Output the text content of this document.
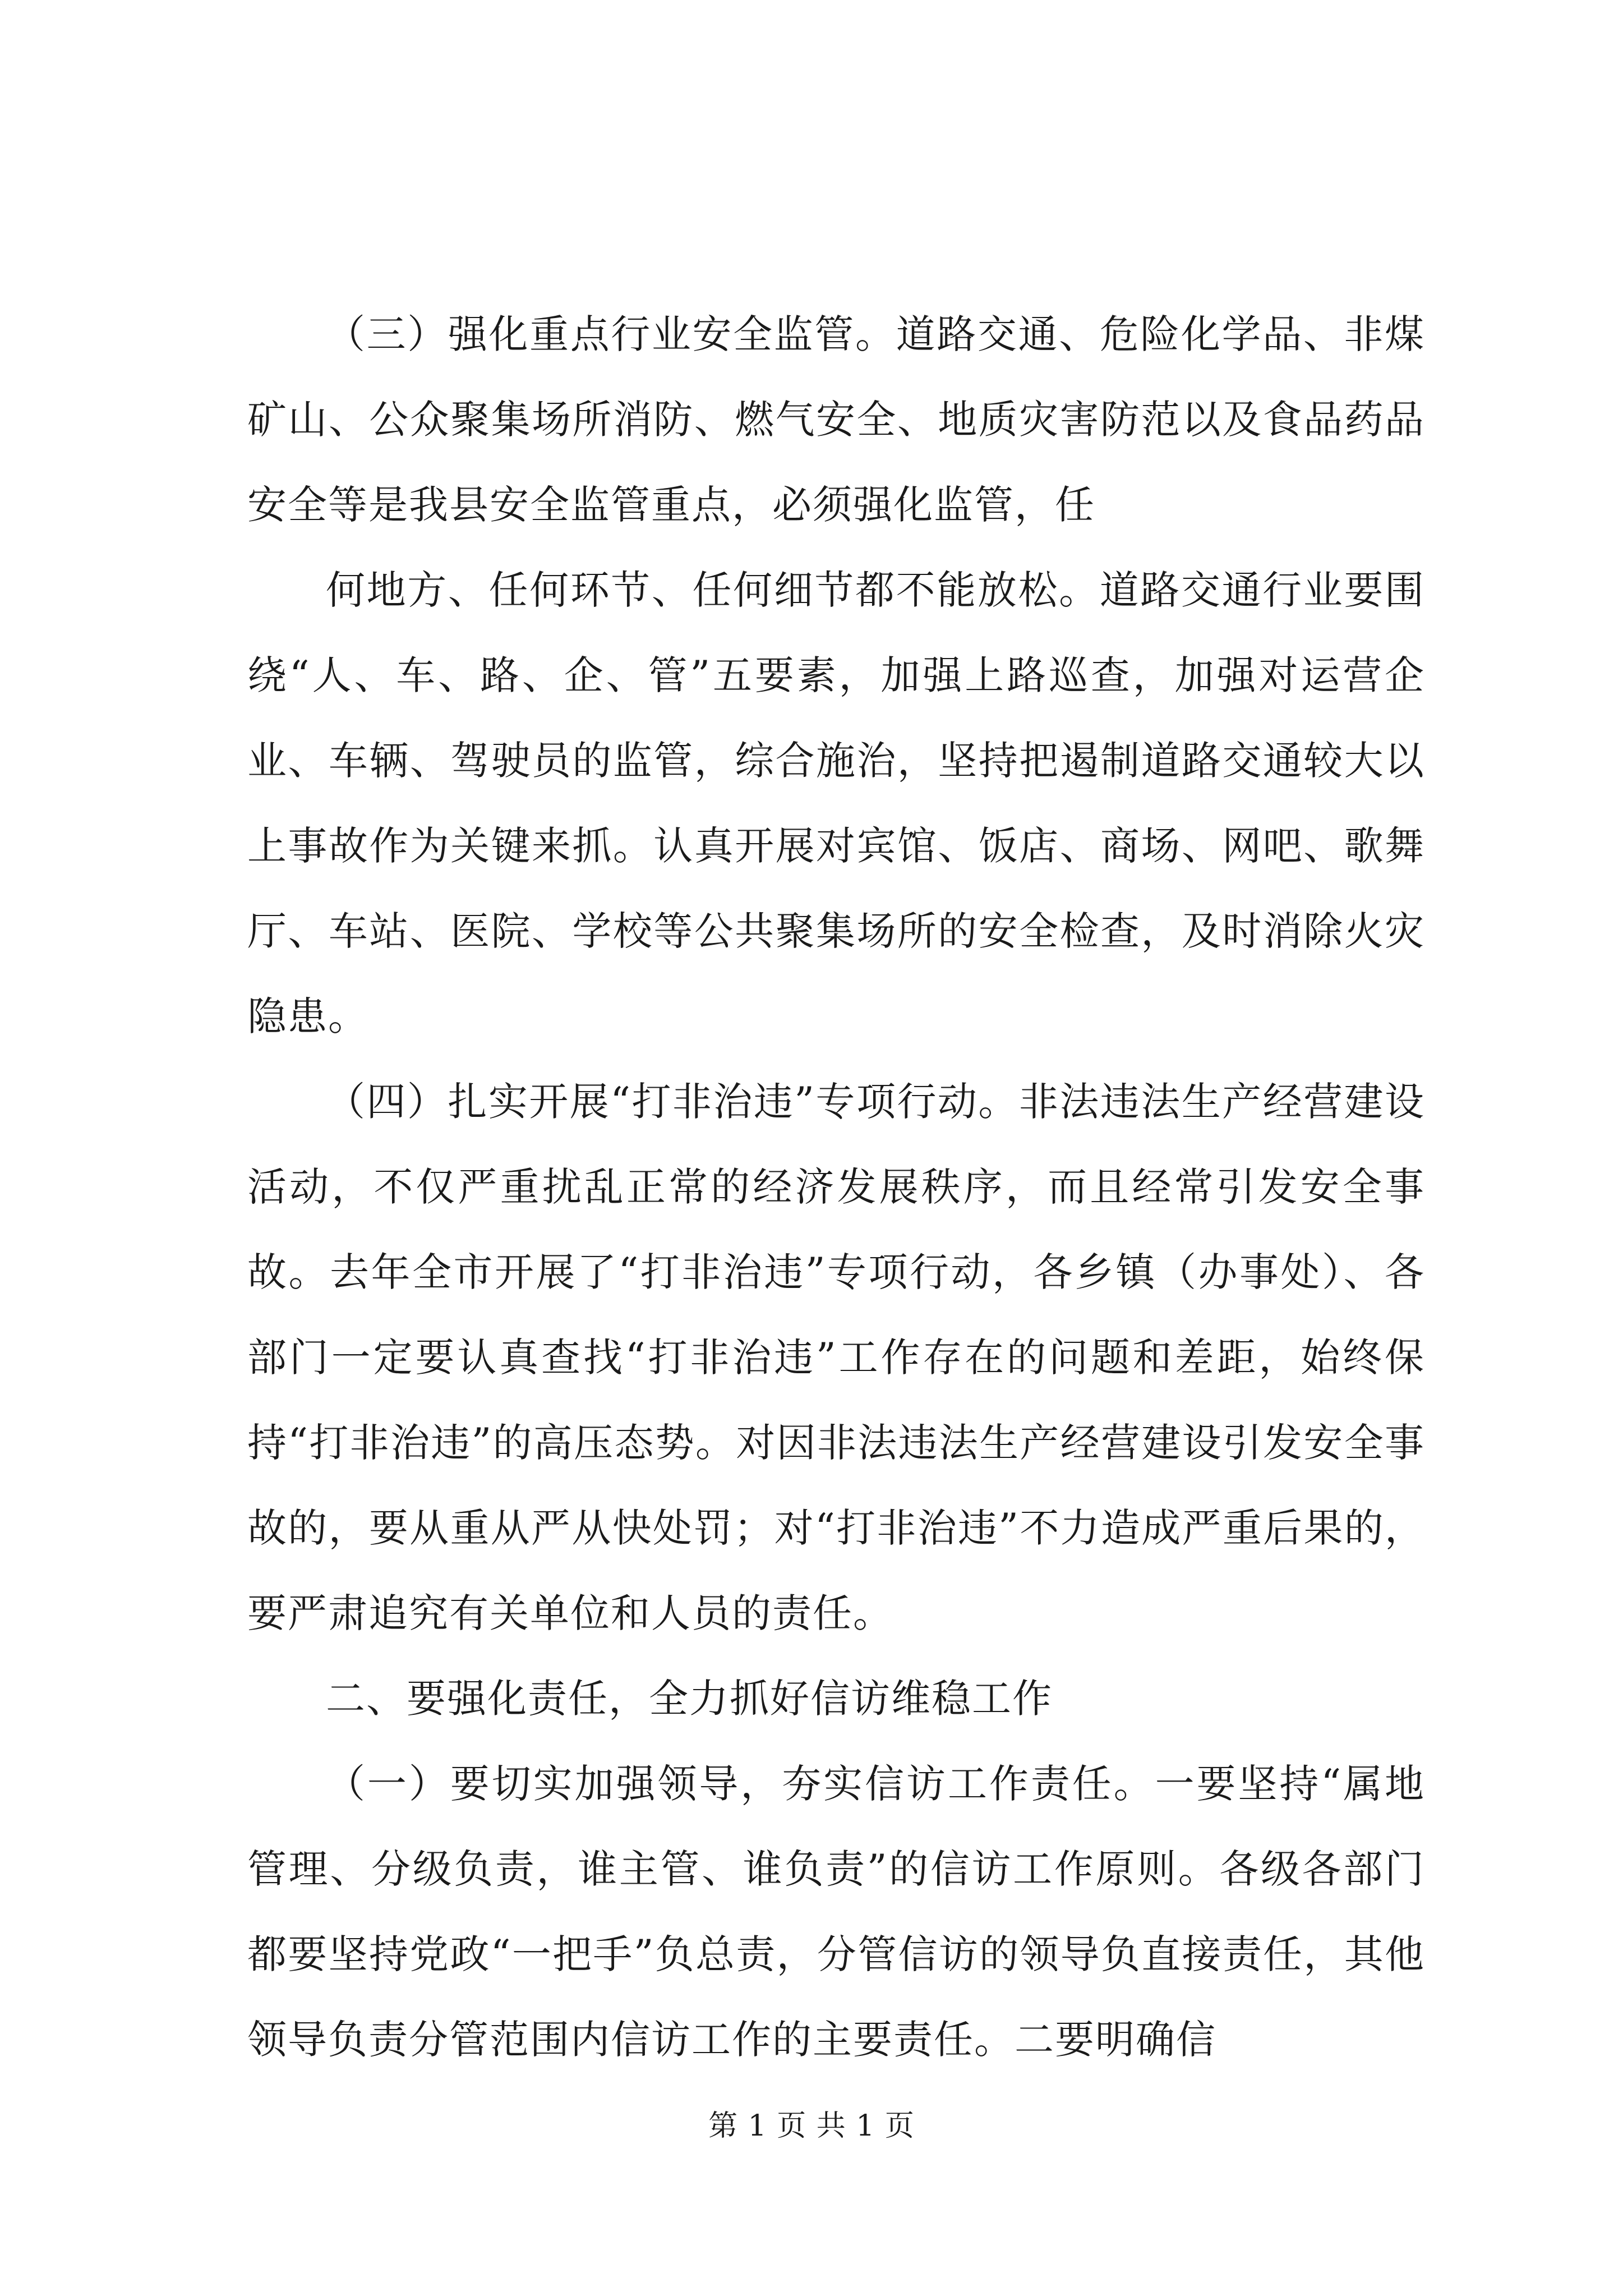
（三）强化重点行业安全监管。道路交通、危险化学品、非煤矿山、公众聚集场所消防、燃气安全、地质灾害防范以及食品药品安全等是我县安全监管重点，必须强化监管，任

何地方、任何环节、任何细节都不能放松。道路交通行业要围绕“人、车、路、企、管”五要素，加强上路巡查，加强对运营企业、车辆、驾驶员的监管，综合施治，坚持把遏制道路交通较大以上事故作为关键来抓。认真开展对宾馆、饭店、商场、网吧、歌舞厅、车站、医院、学校等公共聚集场所的安全检查，及时消除火灾隐患。

（四）扎实开展“打非治违”专项行动。非法违法生产经营建设活动，不仅严重扰乱正常的经济发展秩序，而且经常引发安全事故。去年全市开展了“打非治违”专项行动，各乡镇（办事处）、各部门一定要认真查找“打非治违”工作存在的问题和差距，始终保持“打非治违”的高压态势。对因非法违法生产经营建设引发安全事故的，要从重从严从快处罚；对“打非治违”不力造成严重后果的，要严肃追究有关单位和人员的责任。

二、要强化责任，全力抓好信访维稳工作

（一）要切实加强领导，夯实信访工作责任。一要坚持“属地管理、分级负责，谁主管、谁负责”的信访工作原则。各级各部门都要坚持党政“一把手”负总责，分管信访的领导负直接责任，其他领导负责分管范围内信访工作的主要责任。二要明确信

第 1 页 共 1 页
